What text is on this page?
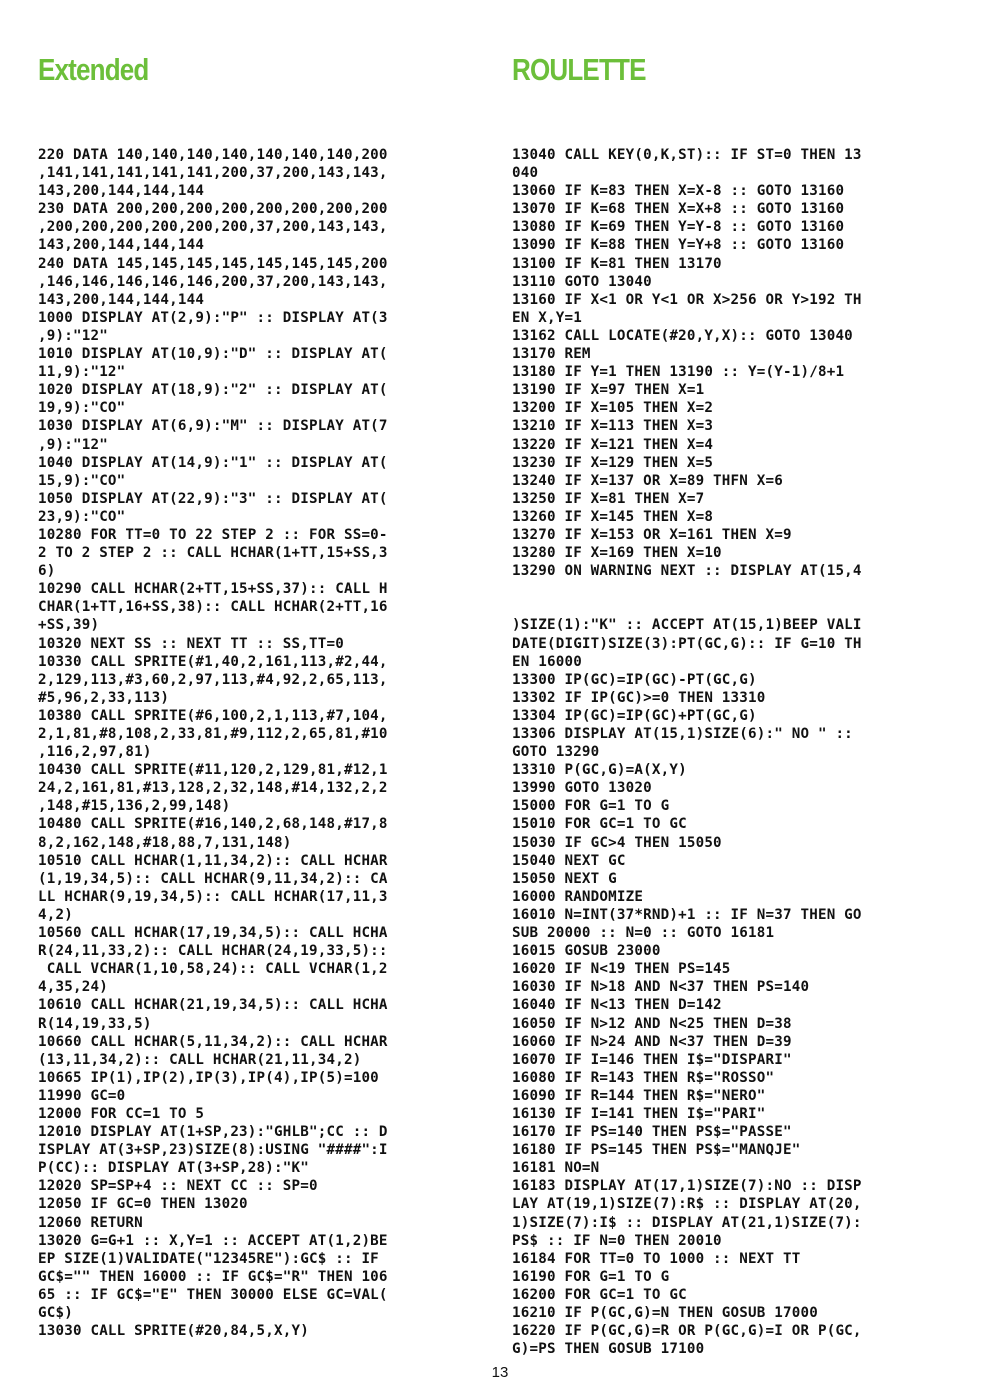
Extended	ROULETTE
220 DATA 140,140,140,140,140,140,140,200
,141,141,141,141,141,200,37,200,143,143,
143,200,144,144,144
230 DATA 200,200,200,200,200,200,200,200
,200,200,200,200,200,200,37,200,143,143,
143,200,144,144,144
240 DATA 145,145,145,145,145,145,145,200
,146,146,146,146,146,200,37,200,143,143,
143,200,144,144,144
1000 DISPLAY AT(2,9):"P" :: DISPLAY AT(3
,9):"12"
1010 DISPLAY AT(10,9):"D" :: DISPLAY AT(
11,9):"12"
1020 DISPLAY AT(18,9):"2" :: DISPLAY AT(
19,9):"CO"
1030 DISPLAY AT(6,9):"M" :: DISPLAY AT(7
,9):"12"
1040 DISPLAY AT(14,9):"1" :: DISPLAY AT(
15,9):"CO"
1050 DISPLAY AT(22,9):"3" :: DISPLAY AT(
23,9):"CO"
10280 FOR TT=0 TO 22 STEP 2 :: FOR SS=0-
2 TO 2 STEP 2 :: CALL HCHAR(1+TT,15+SS,3
6)
10290 CALL HCHAR(2+TT,15+SS,37):: CALL H
CHAR(1+TT,16+SS,38):: CALL HCHAR(2+TT,16
+SS,39)
10320 NEXT SS :: NEXT TT :: SS,TT=0
10330 CALL SPRITE(#1,40,2,161,113,#2,44,
2,129,113,#3,60,2,97,113,#4,92,2,65,113,
#5,96,2,33,113)
10380 CALL SPRITE(#6,100,2,1,113,#7,104,
2,1,81,#8,108,2,33,81,#9,112,2,65,81,#10
,116,2,97,81)
10430 CALL SPRITE(#11,120,2,129,81,#12,1
24,2,161,81,#13,128,2,32,148,#14,132,2,2
,148,#15,136,2,99,148)
10480 CALL SPRITE(#16,140,2,68,148,#17,8
8,2,162,148,#18,88,7,131,148)
10510 CALL HCHAR(1,11,34,2):: CALL HCHAR
(1,19,34,5):: CALL HCHAR(9,11,34,2):: CA
LL HCHAR(9,19,34,5):: CALL HCHAR(17,11,3
4,2)
10560 CALL HCHAR(17,19,34,5):: CALL HCHA
R(24,11,33,2):: CALL HCHAR(24,19,33,5)::
CALL VCHAR(1,10,58,24):: CALL VCHAR(1,2
4,35,24)
10610 CALL HCHAR(21,19,34,5):: CALL HCHA
R(14,19,33,5)
10660 CALL HCHAR(5,11,34,2):: CALL HCHAR
(13,11,34,2):: CALL HCHAR(21,11,34,2)
10665 IP(1),IP(2),IP(3),IP(4),IP(5)=100
11990 GC=0
12000 FOR CC=1 TO 5
12010 DISPLAY AT(1+SP,23):"GHLB";CC :: D
ISPLAY AT(3+SP,23)SIZE(8):USING "####":I
P(CC):: DISPLAY AT(3+SP,28):"K"
12020 SP=SP+4 :: NEXT CC :: SP=0
12050 IF GC=0 THEN 13020
12060 RETURN
13020 G=G+1 :: X,Y=1 :: ACCEPT AT(1,2)BE
EP SIZE(1)VALIDATE("12345RE"):GC$ :: IF
GC$="" THEN 16000 :: IF GC$="R" THEN 106
65 :: IF GC$="E" THEN 30000 ELSE GC=VAL(
GC$)
13030 CALL SPRITE(#20,84,5,X,Y)
13040 CALL KEY(0,K,ST):: IF ST=0 THEN 13
040
13060 IF K=83 THEN X=X-8 :: GOTO 13160
13070 IF K=68 THEN X=X+8 :: GOTO 13160
13080 IF K=69 THEN Y=Y-8 :: GOTO 13160
13090 IF K=88 THEN Y=Y+8 :: GOTO 13160
13100 IF K=81 THEN 13170
13110 GOTO 13040
13160 IF X<1 OR Y<1 OR X>256 OR Y>192 TH
EN X,Y=1
13162 CALL LOCATE(#20,Y,X):: GOTO 13040
13170 REM
13180 IF Y=1 THEN 13190 :: Y=(Y-1)/8+1
13190 IF X=97 THEN X=1
13200 IF X=105 THEN X=2
13210 IF X=113 THEN X=3
13220 IF X=121 THEN X=4
13230 IF X=129 THEN X=5
13240 IF X=137 OR X=89 THFN X=6
13250 IF X=81 THEN X=7
13260 IF X=145 THEN X=8
13270 IF X=153 OR X=161 THEN X=9
13280 IF X=169 THEN X=10
13290 ON WARNING NEXT :: DISPLAY AT(15,4
)SIZE(1):"K" :: ACCEPT AT(15,1)BEEP VALI
DATE(DIGIT)SIZE(3):PT(GC,G):: IF G=10 TH
EN 16000
13300 IP(GC)=IP(GC)-PT(GC,G)
13302 IF IP(GC)>=0 THEN 13310
13304 IP(GC)=IP(GC)+PT(GC,G)
13306 DISPLAY AT(15,1)SIZE(6):" NO " ::
GOTO 13290
13310 P(GC,G)=A(X,Y)
13990 GOTO 13020
15000 FOR G=1 TO G
15010 FOR GC=1 TO GC
15030 IF GC>4 THEN 15050
15040 NEXT GC
15050 NEXT G
16000 RANDOMIZE
16010 N=INT(37*RND)+1 :: IF N=37 THEN GO
SUB 20000 :: N=0 :: GOTO 16181
16015 GOSUB 23000
16020 IF N<19 THEN PS=145
16030 IF N>18 AND N<37 THEN PS=140
16040 IF N<13 THEN D=142
16050 IF N>12 AND N<25 THEN D=38
16060 IF N>24 AND N<37 THEN D=39
16070 IF I=146 THEN I$="DISPARI"
16080 IF R=143 THEN R$="ROSSO"
16090 IF R=144 THEN R$="NERO"
16130 IF I=141 THEN I$="PARI"
16170 IF PS=140 THEN PS$="PASSE"
16180 IF PS=145 THEN PS$="MANQJE"
16181 NO=N
16183 DISPLAY AT(17,1)SIZE(7):NO :: DISP
LAY AT(19,1)SIZE(7):R$ :: DISPLAY AT(20,
1)SIZE(7):I$ :: DISPLAY AT(21,1)SIZE(7):
PS$ :: IF N=0 THEN 20010
16184 FOR TT=0 TO 1000 :: NEXT TT
16190 FOR G=1 TO G
16200 FOR GC=1 TO GC
16210 IF P(GC,G)=N THEN GOSUB 17000
16220 IF P(GC,G)=R OR P(GC,G)=I OR P(GC,
G)=PS THEN GOSUB 17100
13
